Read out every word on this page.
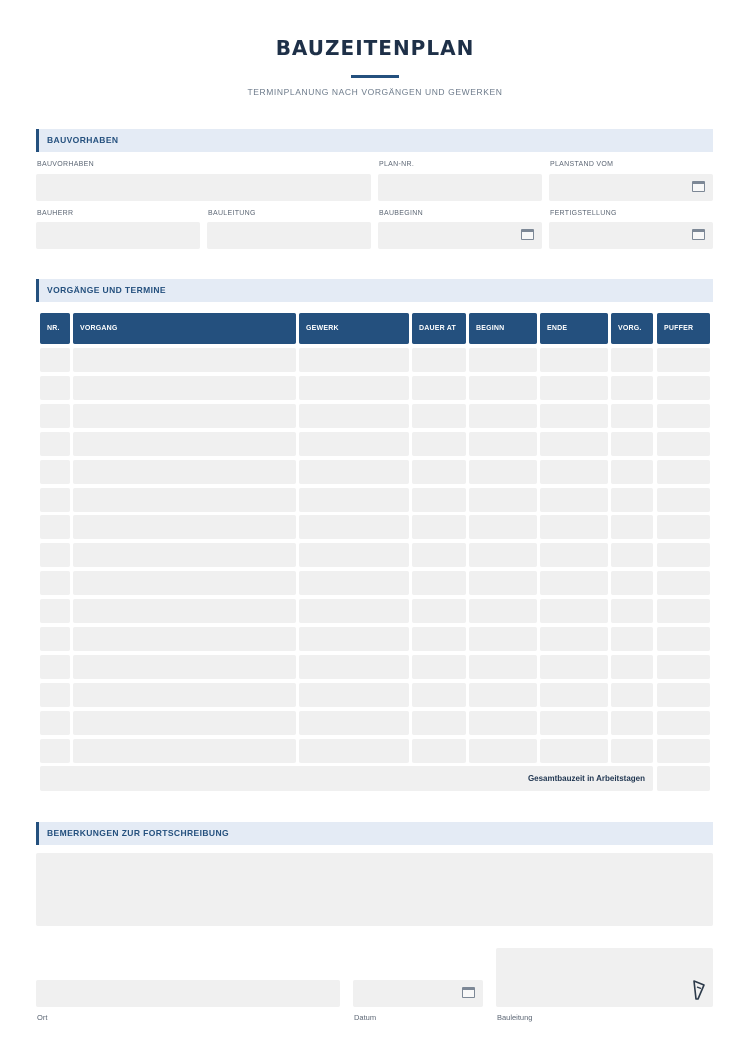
BAUZEITENPLAN
TERMINPLANUNG NACH VORGÄNGEN UND GEWERKEN
BAUVORHABEN
BAUVORHABEN	PLAN-NR.	PLANSTAND VOM
BAUHERR	BAULEITUNG	BAUBEGINN	FERTIGSTELLUNG
VORGÄNGE UND TERMINE
NR.	VORGANG	GEWERK	DAUER AT	BEGINN	ENDE	VORG.	PUFFER
Gesamtbauzeit in Arbeitstagen
BEMERKUNGEN ZUR FORTSCHREIBUNG
Ort	Datum	Bauleitung
